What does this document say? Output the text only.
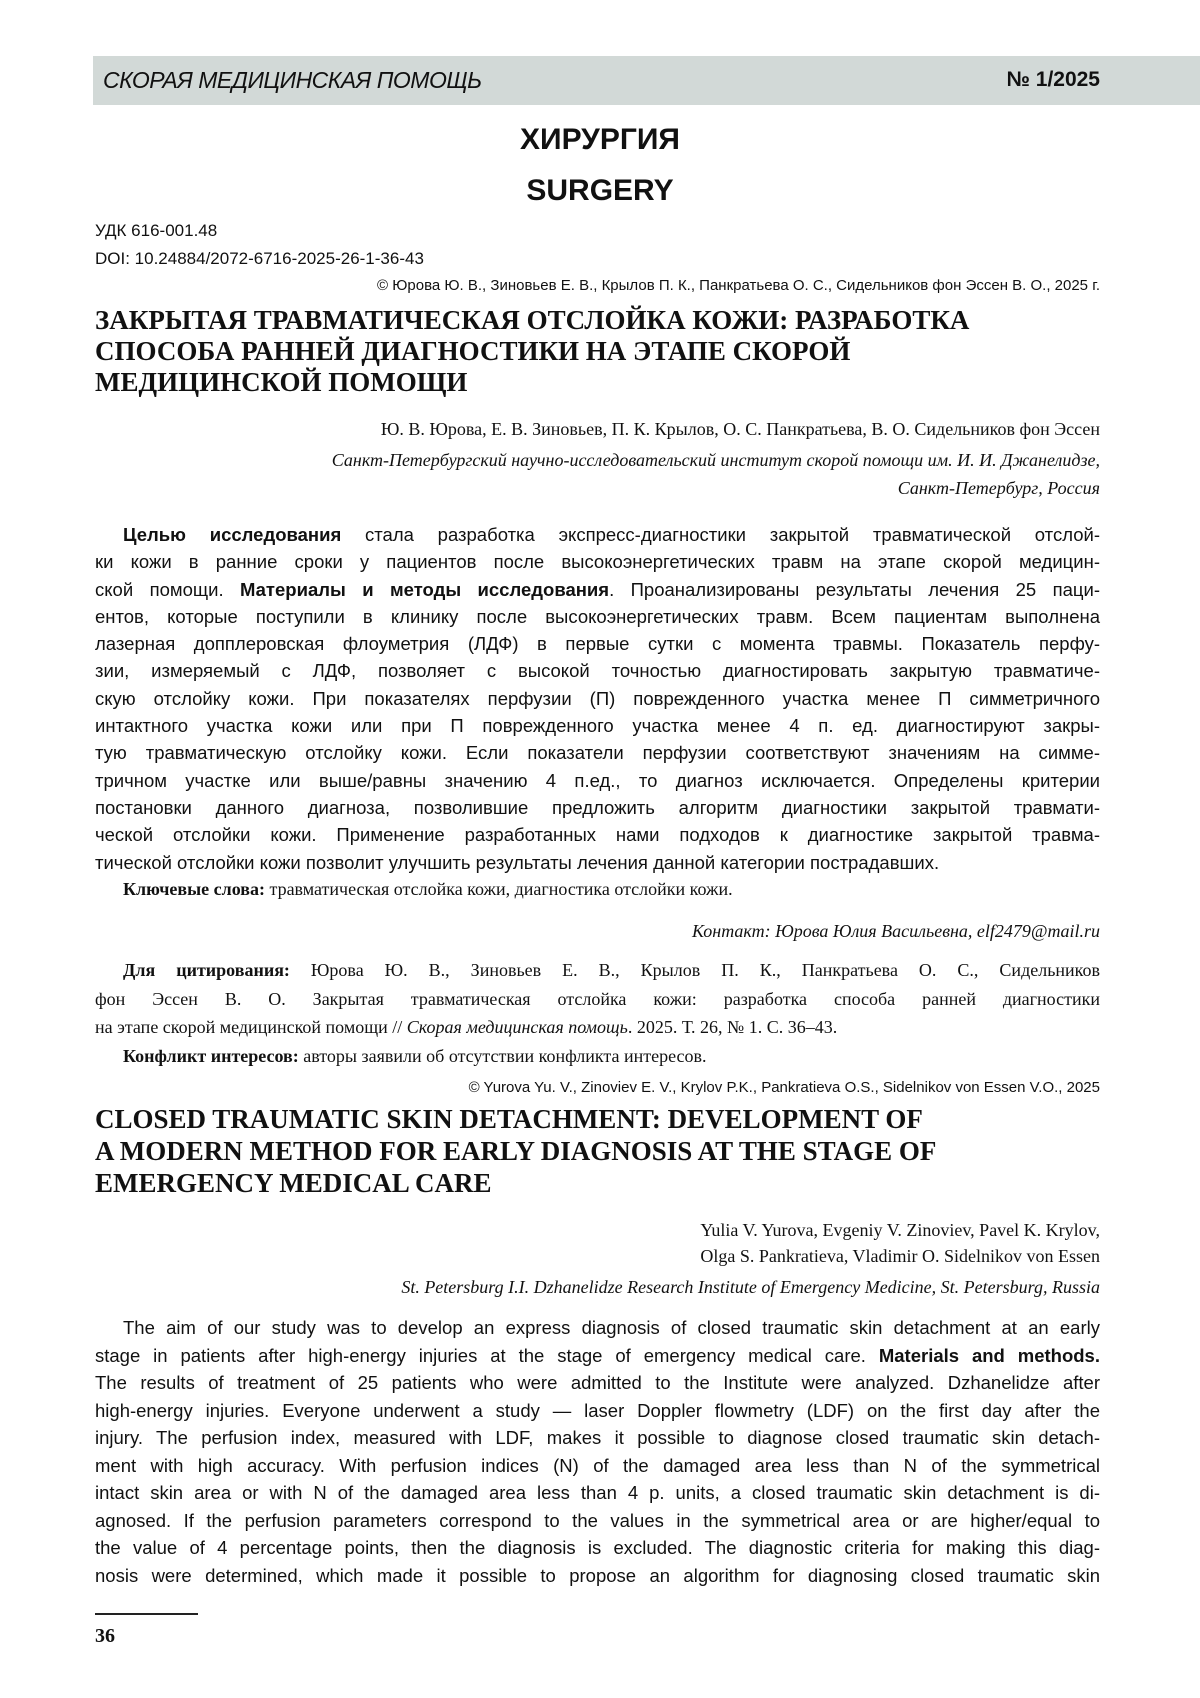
СКОРАЯ МЕДИЦИНСКАЯ ПОМОЩЬ	№ 1/2025
ХИРУРГИЯ
SURGERY
УДК 616-001.48
DOI: 10.24884/2072-6716-2025-26-1-36-43
© Юрова Ю. В., Зиновьев Е. В., Крылов П. К., Панкратьева О. С., Сидельников фон Эссен В. О., 2025 г.
ЗАКРЫТАЯ ТРАВМАТИЧЕСКАЯ ОТСЛОЙКА КОЖИ: РАЗРАБОТКА
СПОСОБА РАННЕЙ ДИАГНОСТИКИ НА ЭТАПЕ СКОРОЙ
МЕДИЦИНСКОЙ ПОМОЩИ
Ю. В. Юрова, Е. В. Зиновьев, П. К. Крылов, О. С. Панкратьева, В. О. Сидельников фон Эссен
Санкт-Петербургский научно-исследовательский институт скорой помощи им. И. И. Джанелидзе,
Санкт-Петербург, Россия
Целью исследования стала разработка экспресс-диагностики закрытой травматической отслой-
ки кожи в ранние сроки у пациентов после высокоэнергетических травм на этапе скорой медицин-
ской помощи. Материалы и методы исследования. Проанализированы результаты лечения 25 паци-
ентов, которые поступили в клинику после высокоэнергетических травм. Всем пациентам выполнена
лазерная допплеровская флоуметрия (ЛДФ) в первые сутки с момента травмы. Показатель перфу-
зии, измеряемый с ЛДФ, позволяет с высокой точностью диагностировать закрытую травматиче-
скую отслойку кожи. При показателях перфузии (П) поврежденного участка менее П симметричного
интактного участка кожи или при П поврежденного участка менее 4 п. ед. диагностируют закры-
тую травматическую отслойку кожи. Если показатели перфузии соответствуют значениям на симме-
тричном участке или выше/равны значению 4 п.ед., то диагноз исключается. Определены критерии
постановки данного диагноза, позволившие предложить алгоритм диагностики закрытой травмати-
ческой отслойки кожи. Применение разработанных нами подходов к диагностике закрытой травма-
тической отслойки кожи позволит улучшить результаты лечения данной категории пострадавших.
Ключевые слова: травматическая отслойка кожи, диагностика отслойки кожи.
Контакт: Юрова Юлия Васильевна, elf2479@mail.ru
Для цитирования: Юрова Ю. В., Зиновьев Е. В., Крылов П. К., Панкратьева О. С., Сидельников
фон Эссен В. О. Закрытая травматическая отслойка кожи: разработка способа ранней диагностики
на этапе скорой медицинской помощи // Скорая медицинская помощь. 2025. Т. 26, № 1. С. 36–43.
Конфликт интересов: авторы заявили об отсутствии конфликта интересов.
© Yurova Yu. V., Zinoviev E. V., Krylov P.K., Pankratieva O.S., Sidelnikov von Essen V.O., 2025
CLOSED TRAUMATIC SKIN DETACHMENT: DEVELOPMENT OF
A MODERN METHOD FOR EARLY DIAGNOSIS AT THE STAGE OF
EMERGENCY MEDICAL CARE
Yulia V. Yurova, Evgeniy V. Zinoviev, Pavel K. Krylov,
Olga S. Pankratieva, Vladimir O. Sidelnikov von Essen
St. Petersburg I.I. Dzhanelidze Research Institute of Emergency Medicine, St. Petersburg, Russia
The aim of our study was to develop an express diagnosis of closed traumatic skin detachment at an early
stage in patients after high-energy injuries at the stage of emergency medical care. Materials and methods.
The results of treatment of 25 patients who were admitted to the Institute were analyzed. Dzhanelidze after
high-energy injuries. Everyone underwent a study — laser Doppler flowmetry (LDF) on the first day after the
injury. The perfusion index, measured with LDF, makes it possible to diagnose closed traumatic skin detach-
ment with high accuracy. With perfusion indices (N) of the damaged area less than N of the symmetrical
intact skin area or with N of the damaged area less than 4 p. units, a closed traumatic skin detachment is di-
agnosed. If the perfusion parameters correspond to the values in the symmetrical area or are higher/equal to
the value of 4 percentage points, then the diagnosis is excluded. The diagnostic criteria for making this diag-
nosis were determined, which made it possible to propose an algorithm for diagnosing closed traumatic skin
36
